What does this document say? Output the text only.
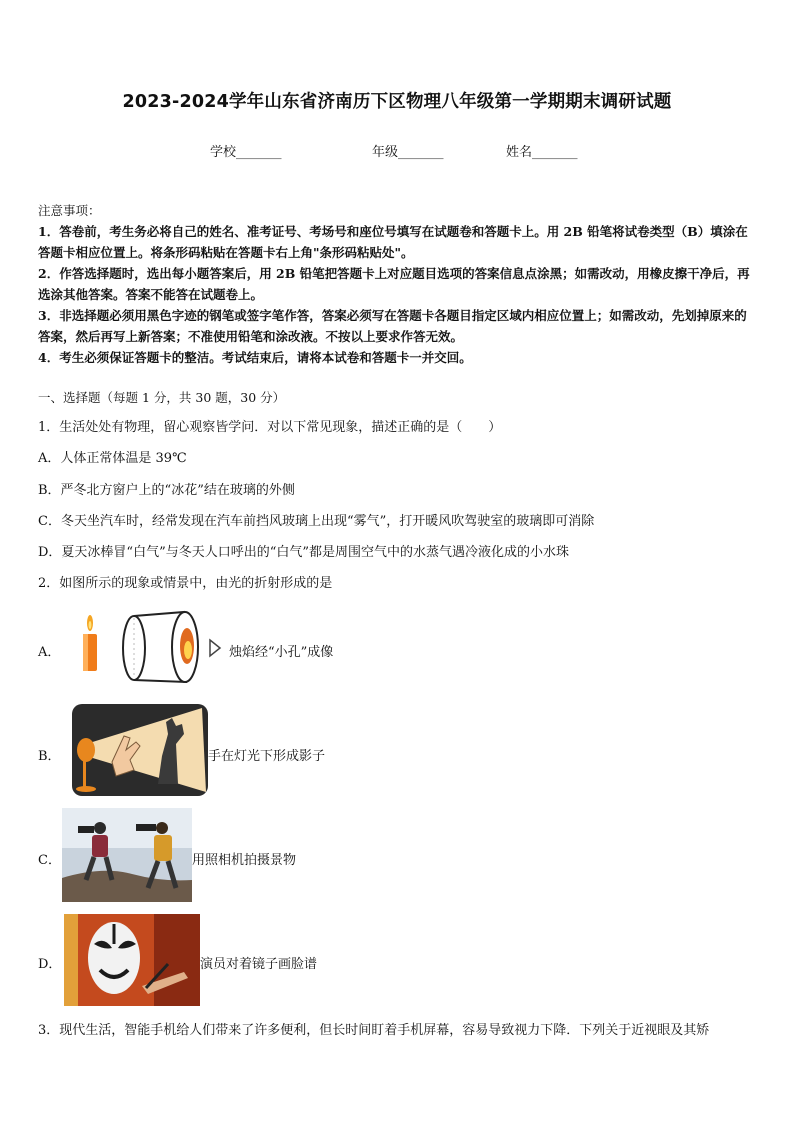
2023-2024学年山东省济南历下区物理八年级第一学期期末调研试题
学校_______	年级_______	姓名_______

注意事项：

1．答卷前，考生务必将自己的姓名、准考证号、考场号和座位号填写在试题卷和答题卡上。用 2B 铅笔将试卷类型（B）填涂在答题卡相应位置上。将条形码粘贴在答题卡右上角"条形码粘贴处"。

2．作答选择题时，选出每小题答案后，用 2B 铅笔把答题卡上对应题目选项的答案信息点涂黑；如需改动，用橡皮擦干净后，再选涂其他答案。答案不能答在试题卷上。

3．非选择题必须用黑色字迹的钢笔或签字笔作答，答案必须写在答题卡各题目指定区域内相应位置上；如需改动，先划掉原来的答案，然后再写上新答案；不准使用铅笔和涂改液。不按以上要求作答无效。

4．考生必须保证答题卡的整洁。考试结束后，请将本试卷和答题卡一并交回。

一、选择题（每题 1 分，共 30 题，30 分）
1．生活处处有物理，留心观察皆学问．对以下常见现象，描述正确的是（　　）
A．人体正常体温是 39℃
B．严冬北方窗户上的“冰花”结在玻璃的外侧
C．冬天坐汽车时，经常发现在汽车前挡风玻璃上出现“雾气”，打开暖风吹驾驶室的玻璃即可消除
D．夏天冰棒冒“白气”与冬天人口呼出的“白气”都是周围空气中的水蒸气遇冷液化成的小水珠
2．如图所示的现象或情景中，由光的折射形成的是
A．	烛焰经“小孔”成像
B．	手在灯光下形成影子
C．	用照相机拍摄景物
D．	演员对着镜子画脸谱
3．现代生活，智能手机给人们带来了许多便利，但长时间盯着手机屏幕，容易导致视力下降．下列关于近视眼及其矫
